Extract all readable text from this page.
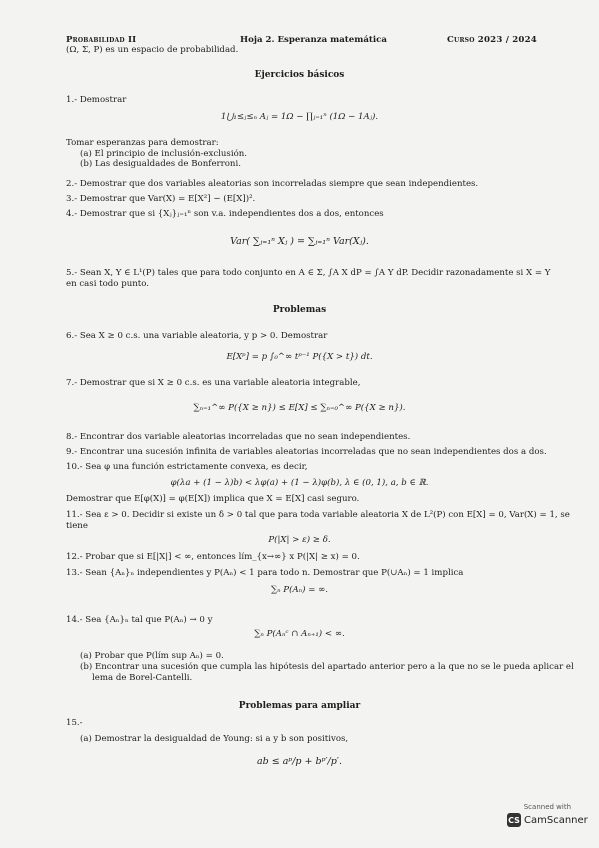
Probabilidad II
(Ω, Σ, P) es un espacio de probabilidad.
Hoja 2. Esperanza matemática	Curso 2023 / 2024
Ejercicios básicos
1.- Demostrar
1⋃₁≤ⱼ≤ₙ Aⱼ = 1Ω − ∏ⱼ₌₁ⁿ (1Ω − 1Aⱼ).
Tomar esperanzas para demostrar:
(a) El principio de inclusión-exclusión.
(b) Las desigualdades de Bonferroni.
2.- Demostrar que dos variables aleatorias son incorreladas siempre que sean independientes.
3.- Demostrar que Var(X) = E[X²] − (E[X])².
4.- Demostrar que si {Xⱼ}ⱼ₌₁ⁿ son v.a. independientes dos a dos, entonces
Var( ∑ⱼ₌₁ⁿ Xⱼ ) = ∑ⱼ₌₁ⁿ Var(Xⱼ).
5.- Sean X, Y ∈ L¹(P) tales que para todo conjunto en A ∈ Σ, ∫A X dP = ∫A Y dP. Decidir razonadamente si X = Y
en casi todo punto.
Problemas
6.- Sea X ≥ 0 c.s. una variable aleatoria, y p > 0. Demostrar
E[Xᵖ] = p ∫₀^∞ tᵖ⁻¹ P({X > t}) dt.
7.- Demostrar que si X ≥ 0 c.s. es una variable aleatoria integrable,
∑ₙ₌₁^∞ P({X ≥ n}) ≤ E[X] ≤ ∑ₙ₌₀^∞ P({X ≥ n}).
8.- Encontrar dos variable aleatorias incorreladas que no sean independientes.
9.- Encontrar una sucesión infinita de variables aleatorias incorreladas que no sean independientes dos a dos.
10.- Sea φ una función estrictamente convexa, es decir,
φ(λa + (1 − λ)b) < λφ(a) + (1 − λ)φ(b), λ ∈ (0, 1), a, b ∈ ℝ.
Demostrar que E[φ(X)] = φ(E[X]) implica que X = E[X] casi seguro.
11.- Sea ε > 0. Decidir si existe un δ > 0 tal que para toda variable aleatoria X de L²(P) con E[X] = 0, Var(X) = 1, se
tiene
P(|X| > ε) ≥ δ.
12.- Probar que si E[|X|] < ∞, entonces lím_{x→∞} x P(|X| ≥ x) = 0.
13.- Sean {Aₙ}ₙ independientes y P(Aₙ) < 1 para todo n. Demostrar que P(∪Aₙ) = 1 implica
∑ₙ P(Aₙ) = ∞.
14.- Sea {Aₙ}ₙ tal que P(Aₙ) → 0 y
∑ₙ P(Aₙᶜ ∩ Aₙ₊₁) < ∞.
(a) Probar que P(lím sup Aₙ) = 0.
(b) Encontrar una sucesión que cumpla las hipótesis del apartado anterior pero a la que no se le pueda aplicar el
lema de Borel-Cantelli.
Problemas para ampliar
15.-
(a) Demostrar la desigualdad de Young: si a y b son positivos,
ab ≤ aᵖ/p + bᵖ′/p′.
Scanned with
CS CamScanner
